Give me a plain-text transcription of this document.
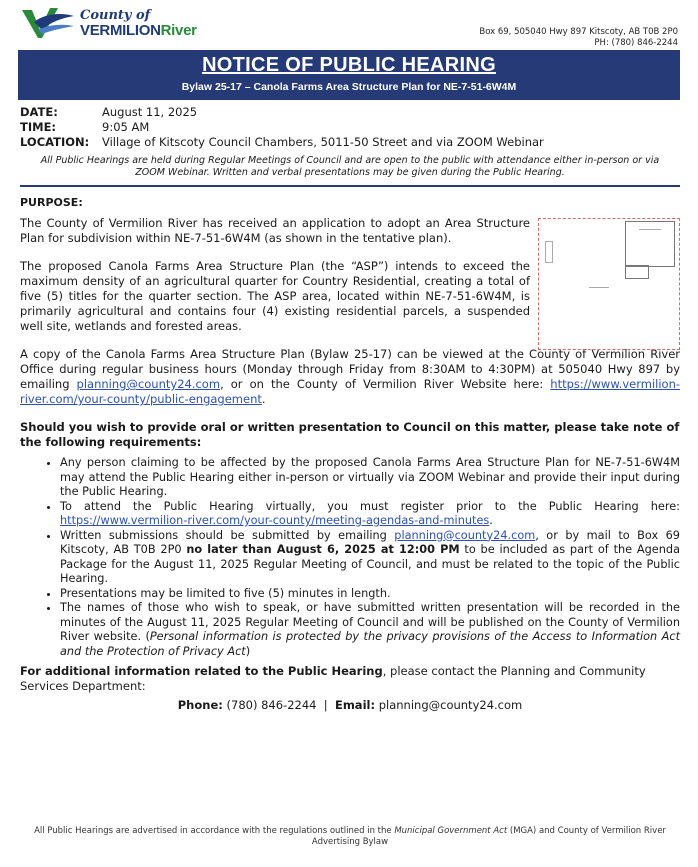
County of
VERMILIONRiver	Box 69, 505040 Hwy 897 Kitscoty, AB T0B 2P0
PH: (780) 846-2244
NOTICE OF PUBLIC HEARING
Bylaw 25-17 – Canola Farms Area Structure Plan for NE-7-51-6W4M
DATE:	August 11, 2025
TIME:	9:05 AM
LOCATION:	Village of Kitscoty Council Chambers, 5011-50 Street and via ZOOM Webinar
All Public Hearings are held during Regular Meetings of Council and are open to the public with attendance either in-person or via ZOOM Webinar. Written and verbal presentations may be given during the Public Hearing.
PURPOSE:

The County of Vermilion River has received an application to adopt an Area Structure Plan for subdivision within NE-7-51-6W4M (as shown in the tentative plan).

The proposed Canola Farms Area Structure Plan (the “ASP”) intends to exceed the maximum density of an agricultural quarter for Country Residential, creating a total of five (5) titles for the quarter section. The ASP area, located within NE-7-51-6W4M, is primarily agricultural and contains four (4) existing residential parcels, a suspended well site, wetlands and forested areas.

A copy of the Canola Farms Area Structure Plan (Bylaw 25-17) can be viewed at the County of Vermilion River Office during regular business hours (Monday through Friday from 8:30AM to 4:30PM) at 505040 Hwy 897 by emailing planning@county24.com, or on the County of Vermilion River Website here: https://www.vermilion-river.com/your-county/public-engagement.

Should you wish to provide oral or written presentation to Council on this matter, please take note of the following requirements:
• Any person claiming to be affected by the proposed Canola Farms Area Structure Plan for NE-7-51-6W4M may attend the Public Hearing either in-person or virtually via ZOOM Webinar and provide their input during the Public Hearing.
• To attend the Public Hearing virtually, you must register prior to the Public Hearing here: https://www.vermilion-river.com/your-county/meeting-agendas-and-minutes.
• Written submissions should be submitted by emailing planning@county24.com, or by mail to Box 69 Kitscoty, AB T0B 2P0 no later than August 6, 2025 at 12:00 PM to be included as part of the Agenda Package for the August 11, 2025 Regular Meeting of Council, and must be related to the topic of the Public Hearing.
• Presentations may be limited to five (5) minutes in length.
• The names of those who wish to speak, or have submitted written presentation will be recorded in the minutes of the August 11, 2025 Regular Meeting of Council and will be published on the County of Vermilion River website. (Personal information is protected by the privacy provisions of the Access to Information Act and the Protection of Privacy Act)
For additional information related to the Public Hearing, please contact the Planning and Community Services Department:
Phone: (780) 846-2244 | Email: planning@county24.com
All Public Hearings are advertised in accordance with the regulations outlined in the Municipal Government Act (MGA) and County of Vermilion River Advertising Bylaw
